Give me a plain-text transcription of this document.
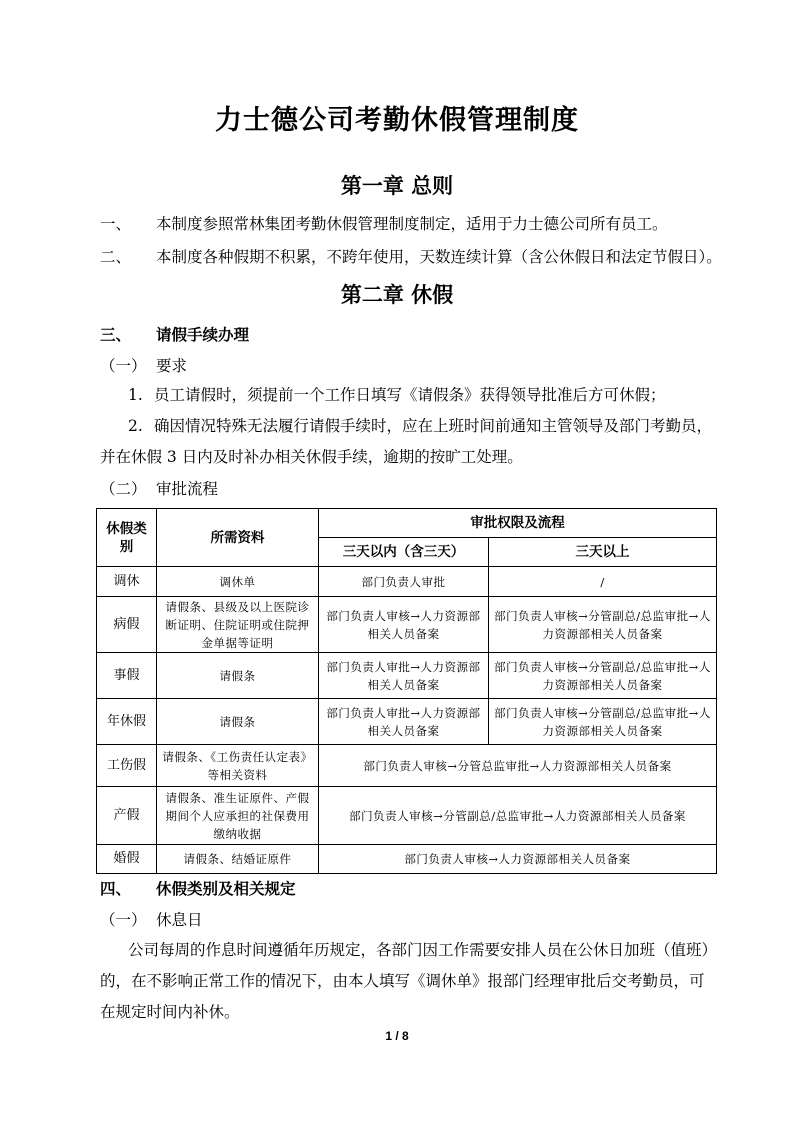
力士德公司考勤休假管理制度
第一章 总则
一、 本制度参照常林集团考勤休假管理制度制定，适用于力士德公司所有员工。
二、 本制度各种假期不积累，不跨年使用，天数连续计算（含公休假日和法定节假日）。
第二章 休假
三、 请假手续办理
（一） 要求
1. 员工请假时，须提前一个工作日填写《请假条》获得领导批准后方可休假；
2. 确因情况特殊无法履行请假手续时，应在上班时间前通知主管领导及部门考勤员，
并在休假 3 日内及时补办相关休假手续，逾期的按旷工处理。
（二） 审批流程
休假类别	所需资料	审批权限及流程	
		三天以内（含三天）	三天以上
调休	调休单	部门负责人审批	/
病假	请假条、县级及以上医院诊断证明、住院证明或住院押金单据等证明	部门负责人审核→人力资源部相关人员备案	部门负责人审核→分管副总/总监审批→人力资源部相关人员备案
事假	请假条	部门负责人审批→人力资源部相关人员备案	部门负责人审核→分管副总/总监审批→人力资源部相关人员备案
年休假	请假条	部门负责人审批→人力资源部相关人员备案	部门负责人审核→分管副总/总监审批→人力资源部相关人员备案
工伤假	请假条、《工伤责任认定表》等相关资料	部门负责人审核→分管总监审批→人力资源部相关人员备案	
产假	请假条、准生证原件、产假期间个人应承担的社保费用缴纳收据	部门负责人审核→分管副总/总监审批→人力资源部相关人员备案	
婚假	请假条、结婚证原件	部门负责人审核→人力资源部相关人员备案	
四、 休假类别及相关规定
（一） 休息日
公司每周的作息时间遵循年历规定，各部门因工作需要安排人员在公休日加班（值班）
的，在不影响正常工作的情况下，由本人填写《调休单》报部门经理审批后交考勤员，可
在规定时间内补休。
1 / 8
